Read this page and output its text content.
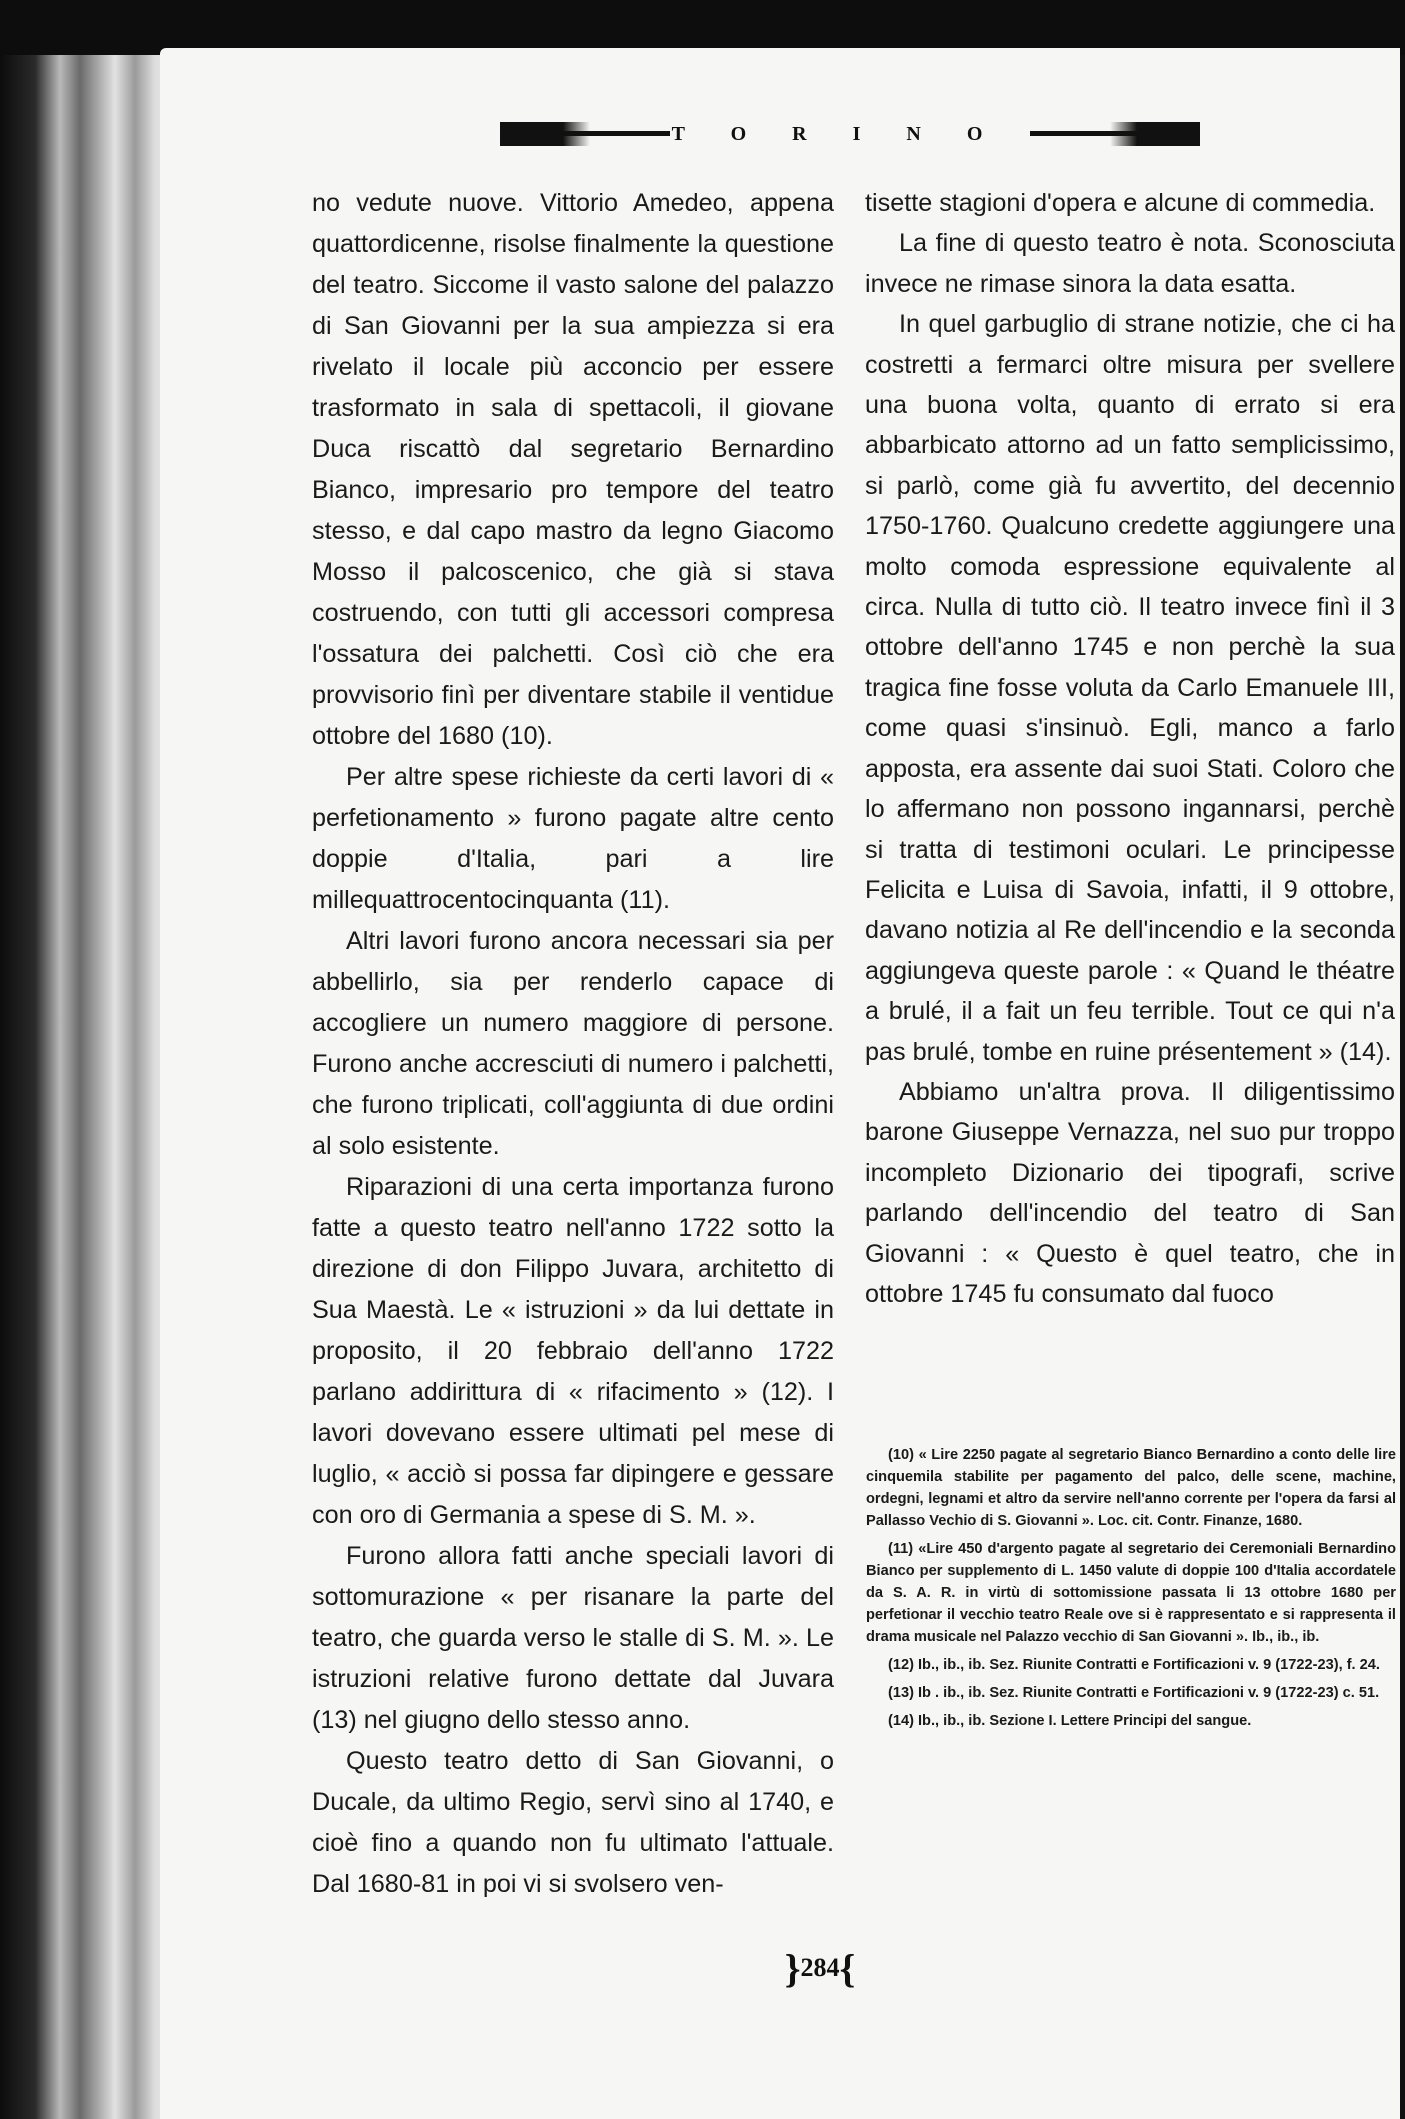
TORINO

no vedute nuove. Vittorio Amedeo, appena quattordicenne, risolse finalmente la questione del teatro. Siccome il vasto salone del palazzo di San Giovanni per la sua ampiezza si era rivelato il locale più acconcio per essere trasformato in sala di spettacoli, il giovane Duca riscattò dal segretario Bernardino Bianco, impresario pro tempore del teatro stesso, e dal capo mastro da legno Giacomo Mosso il palcoscenico, che già si stava costruendo, con tutti gli accessori compresa l'ossatura dei palchetti. Così ciò che era provvisorio finì per diventare stabile il ventidue ottobre del 1680 (10).

Per altre spese richieste da certi lavori di « perfetionamento » furono pagate altre cento doppie d'Italia, pari a lire millequattrocentocinquanta (11).

Altri lavori furono ancora necessari sia per abbellirlo, sia per renderlo capace di accogliere un numero maggiore di persone. Furono anche accresciuti di numero i palchetti, che furono triplicati, coll'aggiunta di due ordini al solo esistente.

Riparazioni di una certa importanza furono fatte a questo teatro nell'anno 1722 sotto la direzione di don Filippo Juvara, architetto di Sua Maestà. Le « istruzioni » da lui dettate in proposito, il 20 febbraio dell'anno 1722 parlano addirittura di « rifacimento » (12). I lavori dovevano essere ultimati pel mese di luglio, « acciò si possa far dipingere e gessare con oro di Germania a spese di S. M. ».

Furono allora fatti anche speciali lavori di sottomurazione « per risanare la parte del teatro, che guarda verso le stalle di S. M. ». Le istruzioni relative furono dettate dal Juvara (13) nel giugno dello stesso anno.

Questo teatro detto di San Giovanni, o Ducale, da ultimo Regio, servì sino al 1740, e cioè fino a quando non fu ultimato l'attuale. Dal 1680-81 in poi vi si svolsero ven-

tisette stagioni d'opera e alcune di commedia.

La fine di questo teatro è nota. Sconosciuta invece ne rimase sinora la data esatta.

In quel garbuglio di strane notizie, che ci ha costretti a fermarci oltre misura per svellere una buona volta, quanto di errato si era abbarbicato attorno ad un fatto semplicissimo, si parlò, come già fu avvertito, del decennio 1750-1760. Qualcuno credette aggiungere una molto comoda espressione equivalente al circa. Nulla di tutto ciò. Il teatro invece finì il 3 ottobre dell'anno 1745 e non perchè la sua tragica fine fosse voluta da Carlo Emanuele III, come quasi s'insinuò. Egli, manco a farlo apposta, era assente dai suoi Stati. Coloro che lo affermano non possono ingannarsi, perchè si tratta di testimoni oculari. Le principesse Felicita e Luisa di Savoia, infatti, il 9 ottobre, davano notizia al Re dell'incendio e la seconda aggiungeva queste parole : « Quand le théatre a brulé, il a fait un feu terrible. Tout ce qui n'a pas brulé, tombe en ruine présentement » (14).

Abbiamo un'altra prova. Il diligentissimo barone Giuseppe Vernazza, nel suo pur troppo incompleto Dizionario dei tipografi, scrive parlando dell'incendio del teatro di San Giovanni : « Questo è quel teatro, che in ottobre 1745 fu consumato dal fuoco

(10) « Lire 2250 pagate al segretario Bianco Bernardino a conto delle lire cinquemila stabilite per pagamento del palco, delle scene, machine, ordegni, legnami et altro da servire nell'anno corrente per l'opera da farsi al Pallasso Vechio di S. Giovanni ». Loc. cit. Contr. Finanze, 1680.

(11) «Lire 450 d'argento pagate al segretario dei Ceremoniali Bernardino Bianco per supplemento di L. 1450 valute di doppie 100 d'Italia accordatele da S. A. R. in virtù di sottomissione passata li 13 ottobre 1680 per perfetionar il vecchio teatro Reale ove si è rappresentato e si rappresenta il drama musicale nel Palazzo vecchio di San Giovanni ». Ib., ib., ib.

(12) Ib., ib., ib. Sez. Riunite Contratti e Fortificazioni v. 9 (1722-23), f. 24.

(13) Ib . ib., ib. Sez. Riunite Contratti e Fortificazioni v. 9 (1722-23) c. 51.

(14) Ib., ib., ib. Sezione I. Lettere Principi del sangue.

}284{
